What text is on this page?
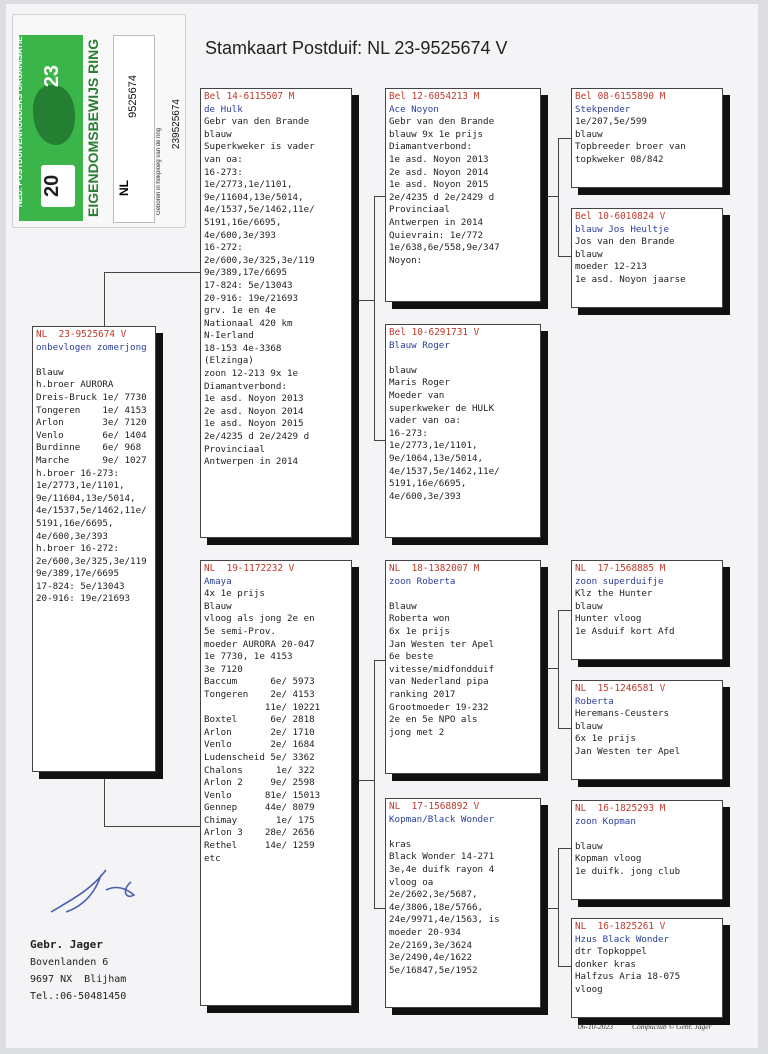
Stamkaart Postduif: NL 23-9525674 V
NED. POSTDUIVENHOUDERS ORGANISATIE 23
20	EIGENDOMSBEWIJS RING
NL
9525674
Geboren in hokploeg van de ring
239525674
NL  23-9525674 V
onbevlogen zomerjong

Blauw
h.broer AURORA
Dreis-Bruck 1e/ 7730
Tongeren    1e/ 4153
Arlon       3e/ 7120
Venlo       6e/ 1404
Burdinne    6e/ 968
Marche      9e/ 1027
h.broer 16-273:
1e/2773,1e/1101,
9e/11604,13e/5014,
4e/1537,5e/1462,11e/
5191,16e/6695,
4e/600,3e/393
h.broer 16-272:
2e/600,3e/325,3e/119
9e/389,17e/6695
17-824: 5e/13043
20-916: 19e/21693
Bel 14-6115507 M
de Hulk
Gebr van den Brande
blauw
Superkweker is vader
van oa:
16-273:
1e/2773,1e/1101,
9e/11604,13e/5014,
4e/1537,5e/1462,11e/
5191,16e/6695,
4e/600,3e/393
16-272:
2e/600,3e/325,3e/119
9e/389,17e/6695
17-824: 5e/13043
20-916: 19e/21693
grv. 1e en 4e
Nationaal 420 km
N-Ierland
18-153 4e-3368
(Elzinga)
zoon 12-213 9x 1e
Diamantverbond:
1e asd. Noyon 2013
2e asd. Noyon 2014
1e asd. Noyon 2015
2e/4235 d 2e/2429 d
Provinciaal
Antwerpen in 2014
NL  19-1172232 V
Amaya
4x 1e prijs
Blauw
vloog als jong 2e en
5e semi-Prov.
moeder AURORA 20-047
1e 7730, 1e 4153
3e 7120
Baccum      6e/ 5973
Tongeren    2e/ 4153
11e/ 10221
Boxtel      6e/ 2818
Arlon       2e/ 1710
Venlo       2e/ 1684
Ludenscheid 5e/ 3362
Chalons      1e/ 322
Arlon 2     9e/ 2598
Venlo      81e/ 15013
Gennep     44e/ 8079
Chimay       1e/ 175
Arlon 3    28e/ 2656
Rethel     14e/ 1259
etc
Bel 12-6054213 M
Ace Noyon
Gebr van den Brande
blauw 9x 1e prijs
Diamantverbond:
1e asd. Noyon 2013
2e asd. Noyon 2014
1e asd. Noyon 2015
2e/4235 d 2e/2429 d
Provinciaal
Antwerpen in 2014
Quievrain: 1e/772
1e/638,6e/558,9e/347
Noyon:
Bel 10-6291731 V
Blauw Roger

blauw
Maris Roger
Moeder van
superkweker de HULK
vader van oa:
16-273:
1e/2773,1e/1101,
9e/1064,13e/5014,
4e/1537,5e/1462,11e/
5191,16e/6695,
4e/600,3e/393
NL  18-1382007 M
zoon Roberta

Blauw
Roberta won
6x 1e prijs
Jan Westen ter Apel
6e beste
vitesse/midfondduif
van Nederland pipa
ranking 2017
Grootmoeder 19-232
2e en 5e NPO als
jong met 2
NL  17-1568892 V
Kopman/Black Wonder

kras
Black Wonder 14-271
3e,4e duifk rayon 4
vloog oa
2e/2602,3e/5687,
4e/3806,18e/5766,
24e/9971,4e/1563, is
moeder 20-934
2e/2169,3e/3624
3e/2490,4e/1622
5e/16847,5e/1952
Bel 08-6155890 M
Stekpender
1e/207,5e/599
blauw
Topbreeder broer van
topkweker 08/842
Bel 10-6010824 V
blauw Jos Heultje
Jos van den Brande
blauw
moeder 12-213
1e asd. Noyon jaarse
NL  17-1568885 M
zoon superduifje
Klz the Hunter
blauw
Hunter vloog
1e Asduif kort Afd
NL  15-1246581 V
Roberta
Heremans-Ceusters
blauw
6x 1e prijs
Jan Westen ter Apel
NL  16-1825293 M
zoon Kopman

blauw
Kopman vloog
1e duifk. jong club
NL  16-1825261 V
Hzus Black Wonder
dtr Topkoppel
donker kras
Halfzus Aria 18-075
vloog
Gebr. Jager
Bovenlanden 6
9697 NX  Blijham
Tel.:06-50481450
06-10-2023	Compuclub © Gebr. Jager
